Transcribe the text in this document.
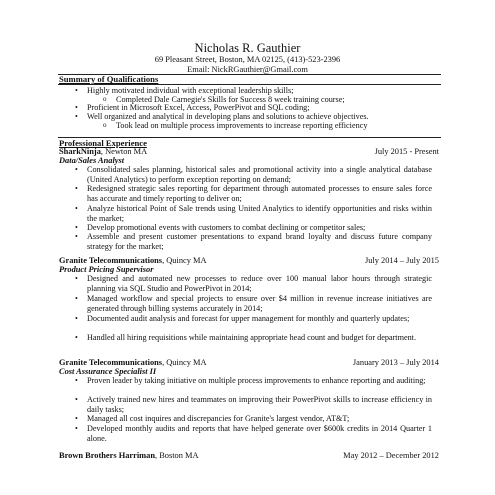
Nicholas R. Gauthier
69 Pleasant Street, Boston, MA 02125, (413)-523-2396
Email: NickRGauthier@Gmail.com
Summary of Qualifications
• Highly motivated individual with exceptional leadership skills;
o Completed Dale Carnegie's Skills for Success 8 week training course;
• Proficient in Microsoft Excel, Access, PowerPivot and SQL coding;
• Well organized and analytical in developing plans and solutions to achieve objectives.
o Took lead on multiple process improvements to increase reporting efficiency
Professional Experience
SharkNinja, Newton MA	July 2015 - Present
Data/Sales Analyst
• Consolidated sales planning, historical sales and promotional activity into a single analytical database (United Analytics) to perform exception reporting on demand;
• Redesigned strategic sales reporting for department through automated processes to ensure sales force has accurate and timely reporting to deliver on;
• Analyze historical Point of Sale trends using United Analytics to identify opportunities and risks within the market;
• Develop promotional events with customers to combat declining or competitor sales;
• Assemble and present customer presentations to expand brand loyalty and discuss future company strategy for the market;
Granite Telecommunications, Quincy MA	July 2014 – July 2015
Product Pricing Supervisor
• Designed and automated new processes to reduce over 100 manual labor hours through strategic planning via SQL Studio and PowerPivot in 2014;
• Managed workflow and special projects to ensure over $4 million in revenue increase initiatives are generated through billing systems accurately in 2014;
• Documented audit analysis and forecast for upper management for monthly and quarterly updates;
• Handled all hiring requisitions while maintaining appropriate head count and budget for department.
Granite Telecommunications, Quincy MA	January 2013 – July 2014
Cost Assurance Specialist II
• Proven leader by taking initiative on multiple process improvements to enhance reporting and auditing;
• Actively trained new hires and teammates on improving their PowerPivot skills to increase efficiency in daily tasks;
• Managed all cost inquires and discrepancies for Granite's largest vendor, AT&T;
• Developed monthly audits and reports that have helped generate over $600k credits in 2014 Quarter 1 alone.
Brown Brothers Harriman, Boston MA	May 2012 – December 2012
